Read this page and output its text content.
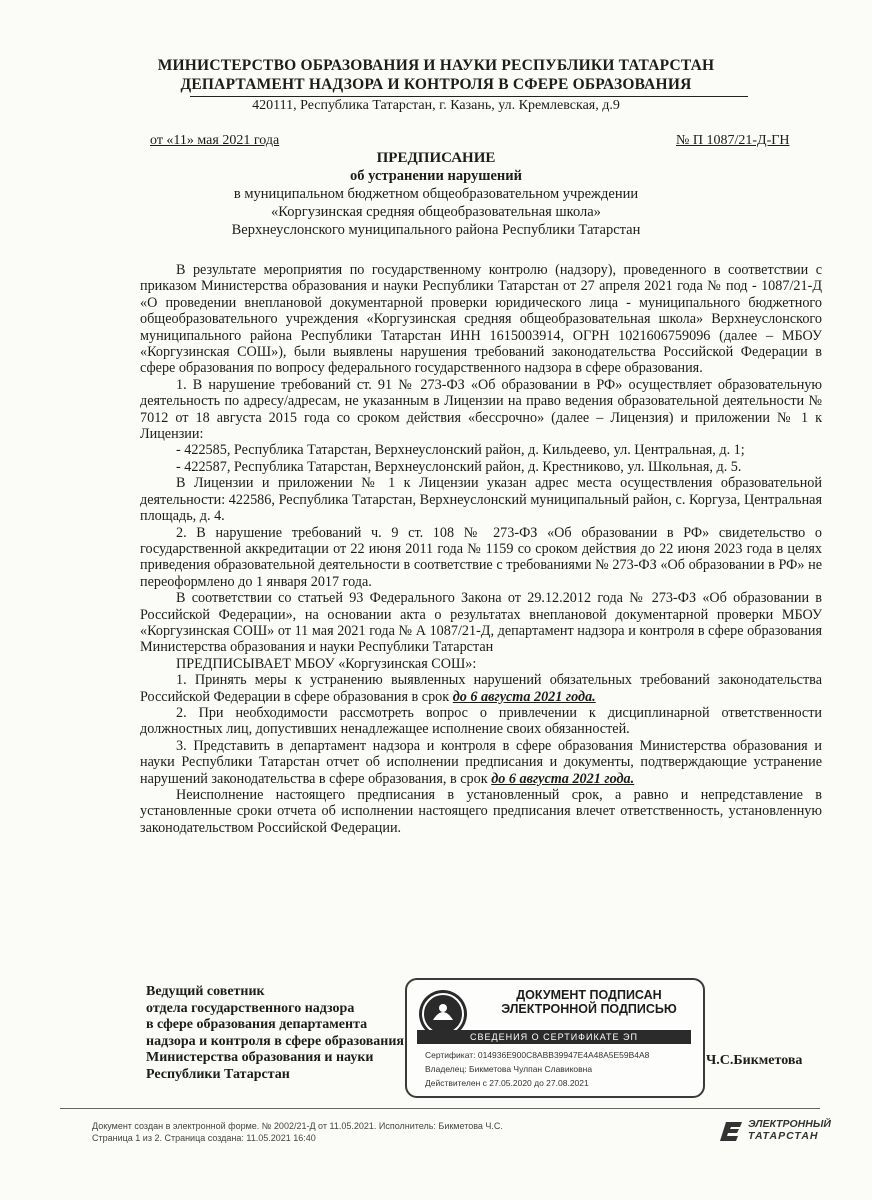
МИНИСТЕРСТВО ОБРАЗОВАНИЯ И НАУКИ РЕСПУБЛИКИ ТАТАРСТАН
ДЕПАРТАМЕНТ НАДЗОРА И КОНТРОЛЯ В СФЕРЕ ОБРАЗОВАНИЯ
420111, Республика Татарстан, г. Казань, ул. Кремлевская, д.9
от «11» мая 2021 года	№ П 1087/21-Д-ГН
ПРЕДПИСАНИЕ
об устранении нарушений
в муниципальном бюджетном общеобразовательном учреждении
«Коргузинская средняя общеобразовательная школа»
Верхнеуслонского муниципального района Республики Татарстан

В результате мероприятия по государственному контролю (надзору), проведенного в соответствии с приказом Министерства образования и науки Республики Татарстан от 27 апреля 2021 года № под - 1087/21-Д «О проведении внеплановой документарной проверки юридического лица - муниципального бюджетного общеобразовательного учреждения «Коргузинская средняя общеобразовательная школа» Верхнеуслонского муниципального района Республики Татарстан ИНН 1615003914, ОГРН 1021606759096 (далее – МБОУ «Коргузинская СОШ»), были выявлены нарушения требований законодательства Российской Федерации в сфере образования по вопросу федерального государственного надзора в сфере образования.

1. В нарушение требований ст. 91 № 273-ФЗ «Об образовании в РФ» осуществляет образовательную деятельность по адресу/адресам, не указанным в Лицензии на право ведения образовательной деятельности № 7012 от 18 августа 2015 года со сроком действия «бессрочно» (далее – Лицензия) и приложении № 1 к Лицензии:

- 422585, Республика Татарстан, Верхнеуслонский район, д. Кильдеево, ул. Центральная, д. 1;

- 422587, Республика Татарстан, Верхнеуслонский район, д. Крестниково, ул. Школьная, д. 5.

В Лицензии и приложении № 1 к Лицензии указан адрес места осуществления образовательной деятельности: 422586, Республика Татарстан, Верхнеуслонский муниципальный район, с. Коргуза, Центральная площадь, д. 4.

2. В нарушение требований ч. 9 ст. 108 № 273-ФЗ «Об образовании в РФ» свидетельство о государственной аккредитации от 22 июня 2011 года № 1159 со сроком действия до 22 июня 2023 года в целях приведения образовательной деятельности в соответствие с требованиями № 273-ФЗ «Об образовании в РФ» не переоформлено до 1 января 2017 года.

В соответствии со статьей 93 Федерального Закона от 29.12.2012 года № 273-ФЗ «Об образовании в Российской Федерации», на основании акта о результатах внеплановой документарной проверки МБОУ «Коргузинская СОШ» от 11 мая 2021 года № А 1087/21-Д, департамент надзора и контроля в сфере образования Министерства образования и науки Республики Татарстан

ПРЕДПИСЫВАЕТ МБОУ «Коргузинская СОШ»:

1. Принять меры к устранению выявленных нарушений обязательных требований законодательства Российской Федерации в сфере образования в срок до 6 августа 2021 года.

2. При необходимости рассмотреть вопрос о привлечении к дисциплинарной ответственности должностных лиц, допустивших ненадлежащее исполнение своих обязанностей.

3. Представить в департамент надзора и контроля в сфере образования Министерства образования и науки Республики Татарстан отчет об исполнении предписания и документы, подтверждающие устранение нарушений законодательства в сфере образования, в срок до 6 августа 2021 года.

Неисполнение настоящего предписания в установленный срок, а равно и непредставление в установленные сроки отчета об исполнении настоящего предписания влечет ответственность, установленную законодательством Российской Федерации.

Ведущий советник
отдела государственного надзора
в сфере образования департамента
надзора и контроля в сфере образования
Министерства образования и науки
Республики Татарстан
ДОКУМЕНТ ПОДПИСАН
ЭЛЕКТРОННОЙ ПОДПИСЬЮ
СВЕДЕНИЯ О СЕРТИФИКАТЕ ЭП
Сертификат: 014936E900C8ABB39947E4A48A5E59B4A8
Владелец: Бикметова Чулпан Славиковна
Действителен с 27.05.2020 до 27.08.2021
Ч.С.Бикметова
Документ создан в электронной форме. № 2002/21-Д от 11.05.2021. Исполнитель: Бикметова Ч.С.
Страница 1 из 2. Страница создана: 11.05.2021 16:40
ЭЛЕКТРОННЫЙ
ТАТАРСТАН
